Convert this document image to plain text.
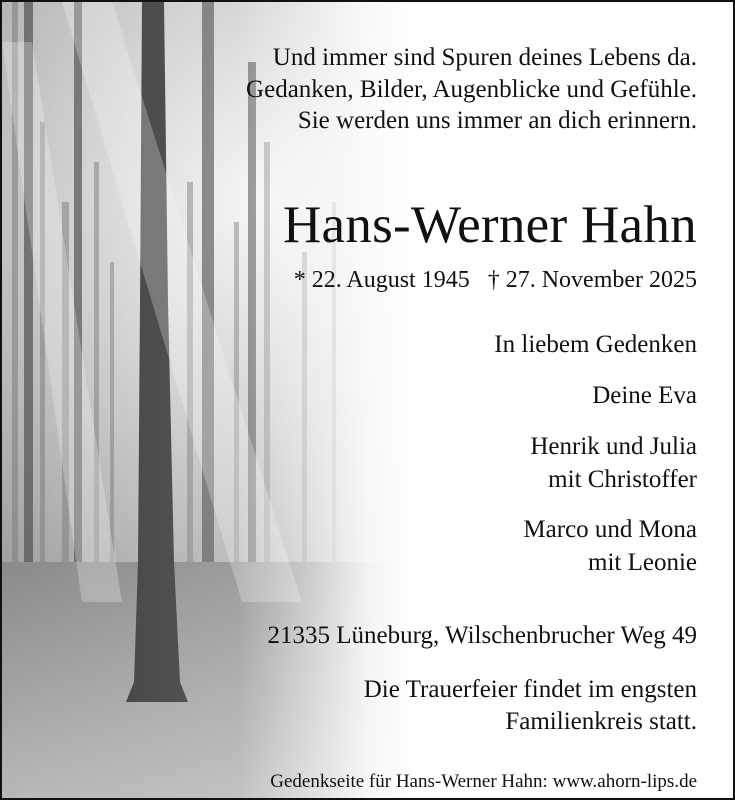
Und immer sind Spuren deines Lebens da.
Gedanken, Bilder, Augenblicke und Gefühle.
Sie werden uns immer an dich erinnern.
Hans-Werner Hahn
* 22. August 1945 † 27. November 2025
In liebem Gedenken
Deine Eva
Henrik und Julia
mit Christoffer
Marco und Mona
mit Leonie
21335 Lüneburg, Wilschenbrucher Weg 49
Die Trauerfeier findet im engsten
Familienkreis statt.
Gedenkseite für Hans-Werner Hahn: www.ahorn-lips.de
